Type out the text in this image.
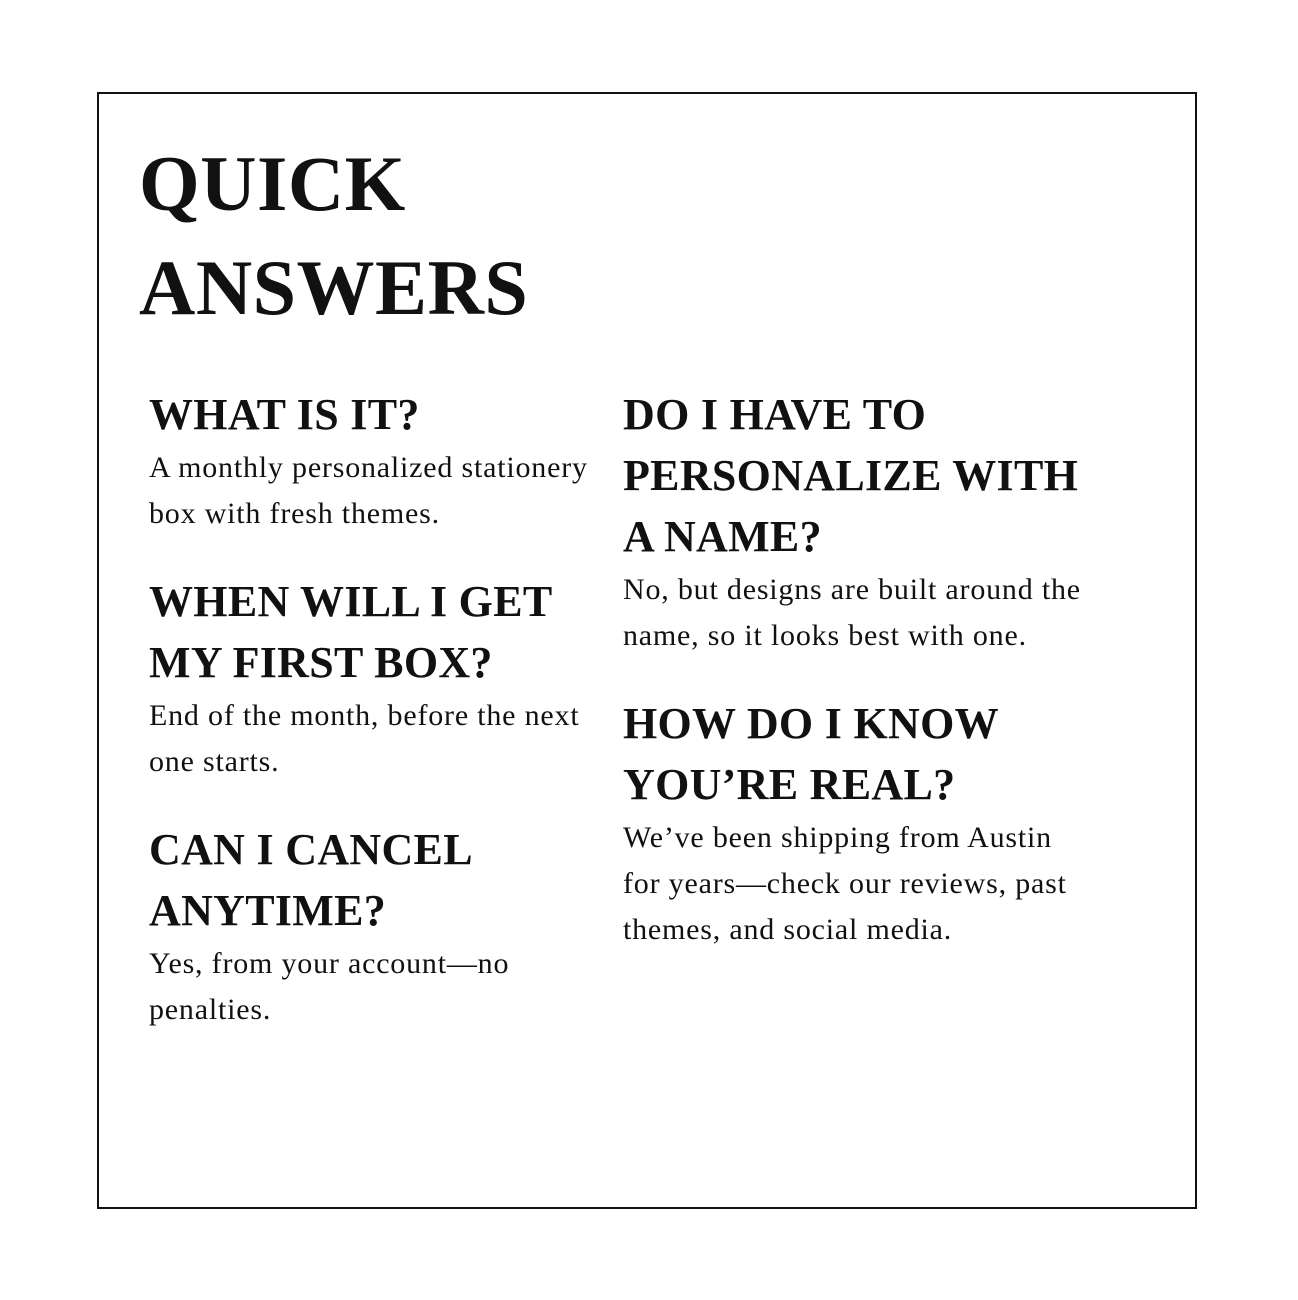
QUICK
ANSWERS
WHAT IS IT?

A monthly personalized stationery box with fresh themes.

WHEN WILL I GET MY FIRST BOX?

End of the month, before the next one starts.

CAN I CANCEL ANYTIME?

Yes, from your account—no penalties.

DO I HAVE TO PERSONALIZE WITH A NAME?

No, but designs are built around the name, so it looks best with one.

HOW DO I KNOW YOU’RE REAL?

We’ve been shipping from Austin for years—check our reviews, past themes, and social media.
